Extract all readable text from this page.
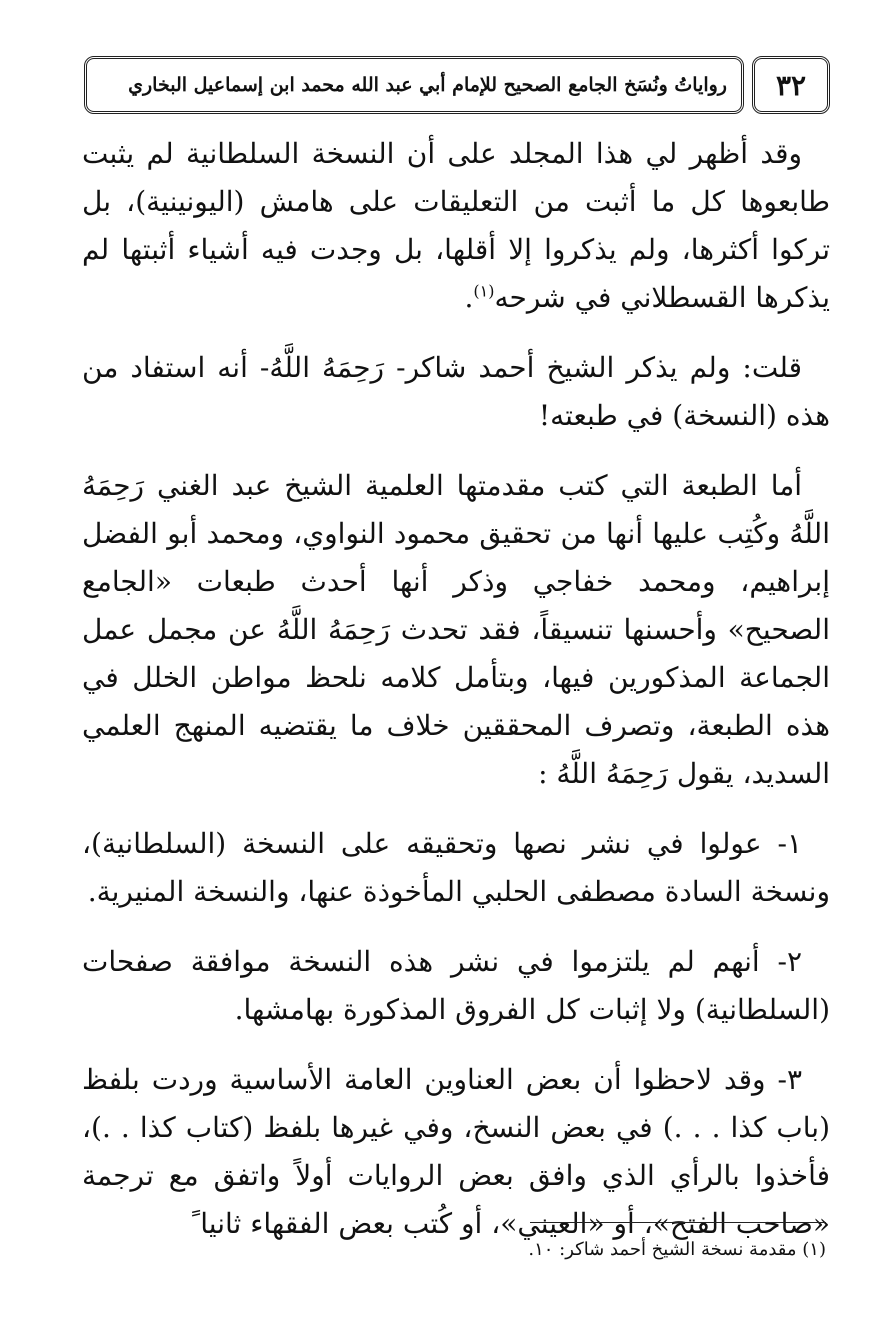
٣٢
رواياتُ ونُسَخ الجامع الصحيح للإمام أبي عبد الله محمد ابن إسماعيل البخاري

وقد أظهر لي هذا المجلد على أن النسخة السلطانية لم يثبت طابعوها كل ما أثبت من التعليقات على هامش (اليونينية)، بل تركوا أكثرها، ولم يذكروا إلا أقلها، بل وجدت فيه أشياء أثبتها لم يذكرها القسطلاني في شرحه$^{(١)}$.

قلت: ولم يذكر الشيخ أحمد شاكر- رَحِمَهُ اللَّهُ- أنه استفاد من هذه (النسخة) في طبعته!

أما الطبعة التي كتب مقدمتها العلمية الشيخ عبد الغني رَحِمَهُ اللَّهُ وكُتِب عليها أنها من تحقيق محمود النواوي، ومحمد أبو الفضل إبراهيم، ومحمد خفاجي وذكر أنها أحدث طبعات «الجامع الصحيح» وأحسنها تنسيقاً، فقد تحدث رَحِمَهُ اللَّهُ عن مجمل عمل الجماعة المذكورين فيها، وبتأمل كلامه نلحظ مواطن الخلل في هذه الطبعة، وتصرف المحققين خلاف ما يقتضيه المنهج العلمي السديد، يقول رَحِمَهُ اللَّهُ :

١- عولوا في نشر نصها وتحقيقه على النسخة (السلطانية)، ونسخة السادة مصطفى الحلبي المأخوذة عنها، والنسخة المنيرية.

٢- أنهم لم يلتزموا في نشر هذه النسخة موافقة صفحات (السلطانية) ولا إثبات كل الفروق المذكورة بهامشها.

٣- وقد لاحظوا أن بعض العناوين العامة الأساسية وردت بلفظ (باب كذا . . .) في بعض النسخ، وفي غيرها بلفظ (كتاب كذا . .)، فأخذوا بالرأي الذي وافق بعض الروايات أولاً واتفق مع ترجمة «صاحب الفتح»، أو «العيني»، أو كُتب بعض الفقهاء ثانيا ً

(١) مقدمة نسخة الشيخ أحمد شاكر: ١٠.
